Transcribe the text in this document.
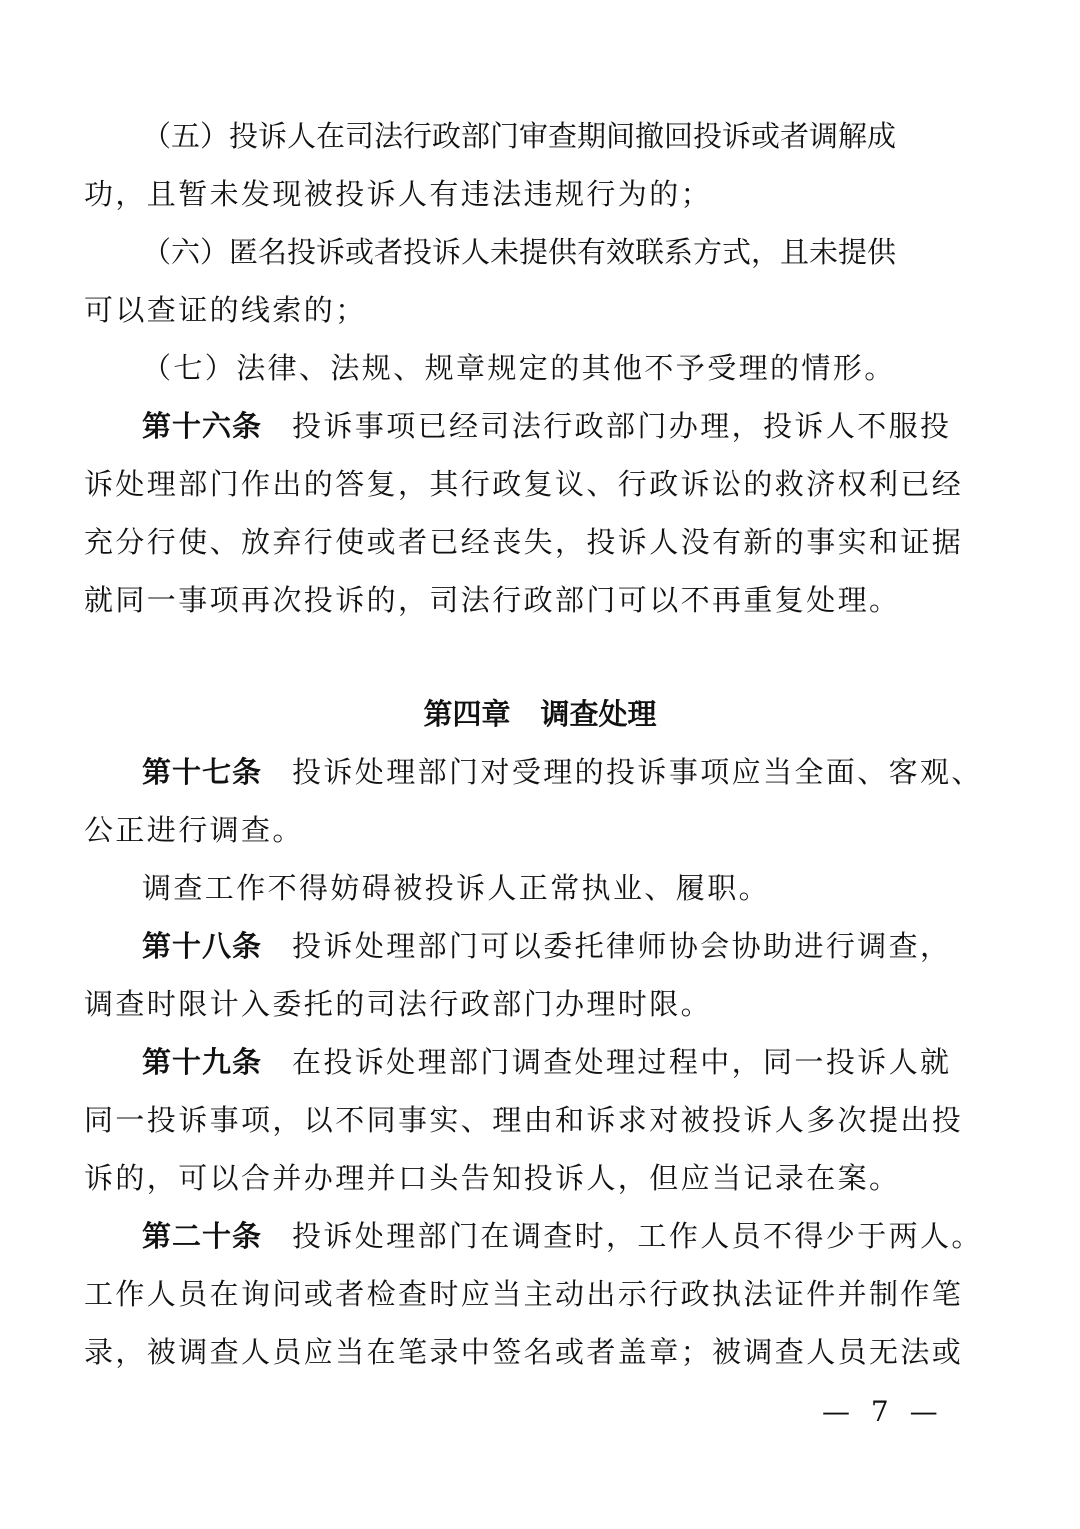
（五）投诉人在司法行政部门审查期间撤回投诉或者调解成
功，且暂未发现被投诉人有违法违规行为的；
（六）匿名投诉或者投诉人未提供有效联系方式，且未提供
可以查证的线索的；
（七）法律、法规、规章规定的其他不予受理的情形。
第十六条 投诉事项已经司法行政部门办理，投诉人不服投
诉处理部门作出的答复，其行政复议、行政诉讼的救济权利已经
充分行使、放弃行使或者已经丧失，投诉人没有新的事实和证据
就同一事项再次投诉的，司法行政部门可以不再重复处理。
第四章 调查处理
第十七条 投诉处理部门对受理的投诉事项应当全面、客观、
公正进行调查。
调查工作不得妨碍被投诉人正常执业、履职。
第十八条 投诉处理部门可以委托律师协会协助进行调查，
调查时限计入委托的司法行政部门办理时限。
第十九条 在投诉处理部门调查处理过程中，同一投诉人就
同一投诉事项，以不同事实、理由和诉求对被投诉人多次提出投
诉的，可以合并办理并口头告知投诉人，但应当记录在案。
第二十条 投诉处理部门在调查时，工作人员不得少于两人。
工作人员在询问或者检查时应当主动出示行政执法证件并制作笔
录，被调查人员应当在笔录中签名或者盖章；被调查人员无法或
— 7 —
